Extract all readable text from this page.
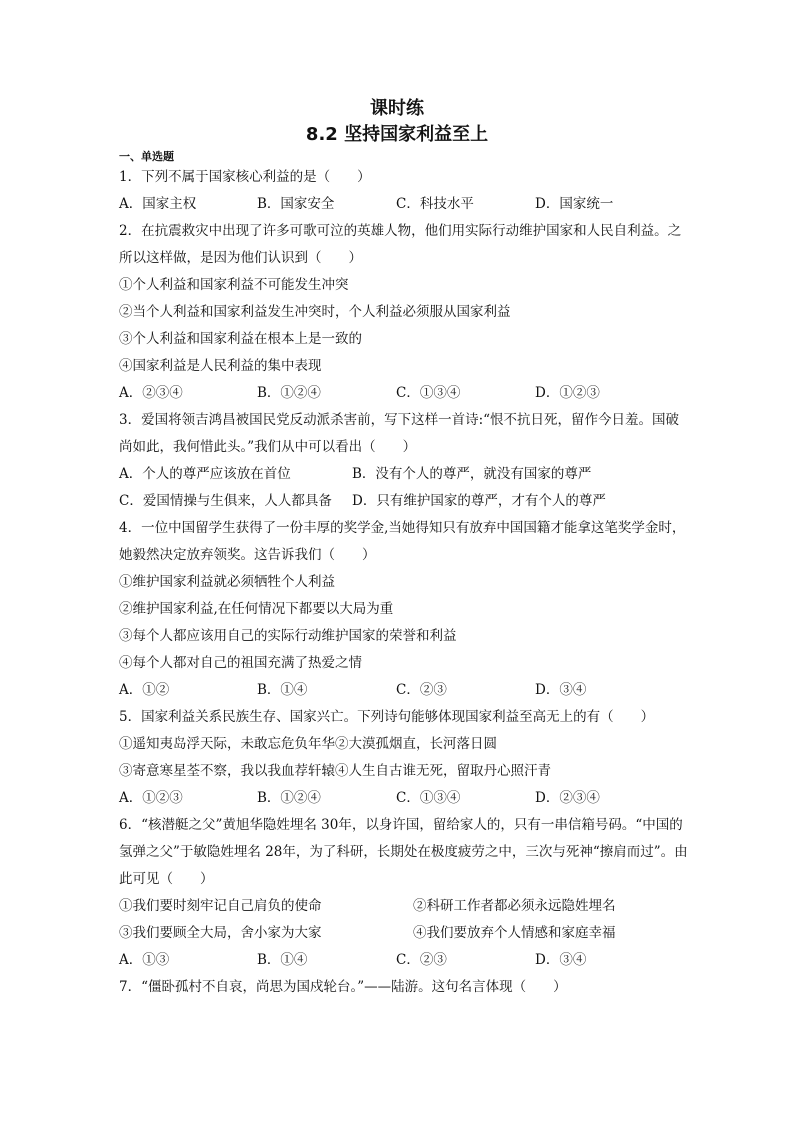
课时练
8.2 坚持国家利益至上
一、单选题
1．下列不属于国家核心利益的是（　　）
A．国家主权	B．国家安全	C．科技水平	D．国家统一
2．在抗震救灾中出现了许多可歌可泣的英雄人物，他们用实际行动维护国家和人民自利益。之所以这样做，是因为他们认识到（　　）
①个人利益和国家利益不可能发生冲突
②当个人利益和国家利益发生冲突时，个人利益必须服从国家利益
③个人利益和国家利益在根本上是一致的
④国家利益是人民利益的集中表现
A．②③④	B．①②④	C．①③④	D．①②③
3．爱国将领吉鸿昌被国民党反动派杀害前，写下这样一首诗:“恨不抗日死，留作今日羞。国破尚如此，我何惜此头。”我们从中可以看出（　　）
A．个人的尊严应该放在首位	B．没有个人的尊严，就没有国家的尊严
C．爱国情操与生俱来，人人都具备 D．只有维护国家的尊严，才有个人的尊严
4．一位中国留学生获得了一份丰厚的奖学金,当她得知只有放弃中国国籍才能拿这笔奖学金时，她毅然决定放弃领奖。这告诉我们（　　）
①维护国家利益就必须牺牲个人利益
②维护国家利益,在任何情况下都要以大局为重
③每个人都应该用自己的实际行动维护国家的荣誉和利益
④每个人都对自己的祖国充满了热爱之情
A．①②	B．①④	C．②③	D．③④
5．国家利益关系民族生存、国家兴亡。下列诗句能够体现国家利益至高无上的有（　　）
①遥知夷岛浮天际，未敢忘危负年华②大漠孤烟直，长河落日圆
③寄意寒星荃不察，我以我血荐轩辕④人生自古谁无死，留取丹心照汗青
A．①②③	B．①②④	C．①③④	D．②③④
6．“核潜艇之父”黄旭华隐姓埋名 30年，以身许国，留给家人的，只有一串信箱号码。“中国的氢弹之父”于敏隐姓埋名 28年，为了科研，长期处在极度疲劳之中，三次与死神“擦肩而过”。由此可见（　　）
①我们要时刻牢记自己肩负的使命	②科研工作者都必须永远隐姓埋名
③我们要顾全大局，舍小家为大家	④我们要放弃个人情感和家庭幸福
A．①③	B．①④	C．②③	D．③④
7．“僵卧孤村不自哀，尚思为国戍轮台。”——陆游。这句名言体现（　　）
